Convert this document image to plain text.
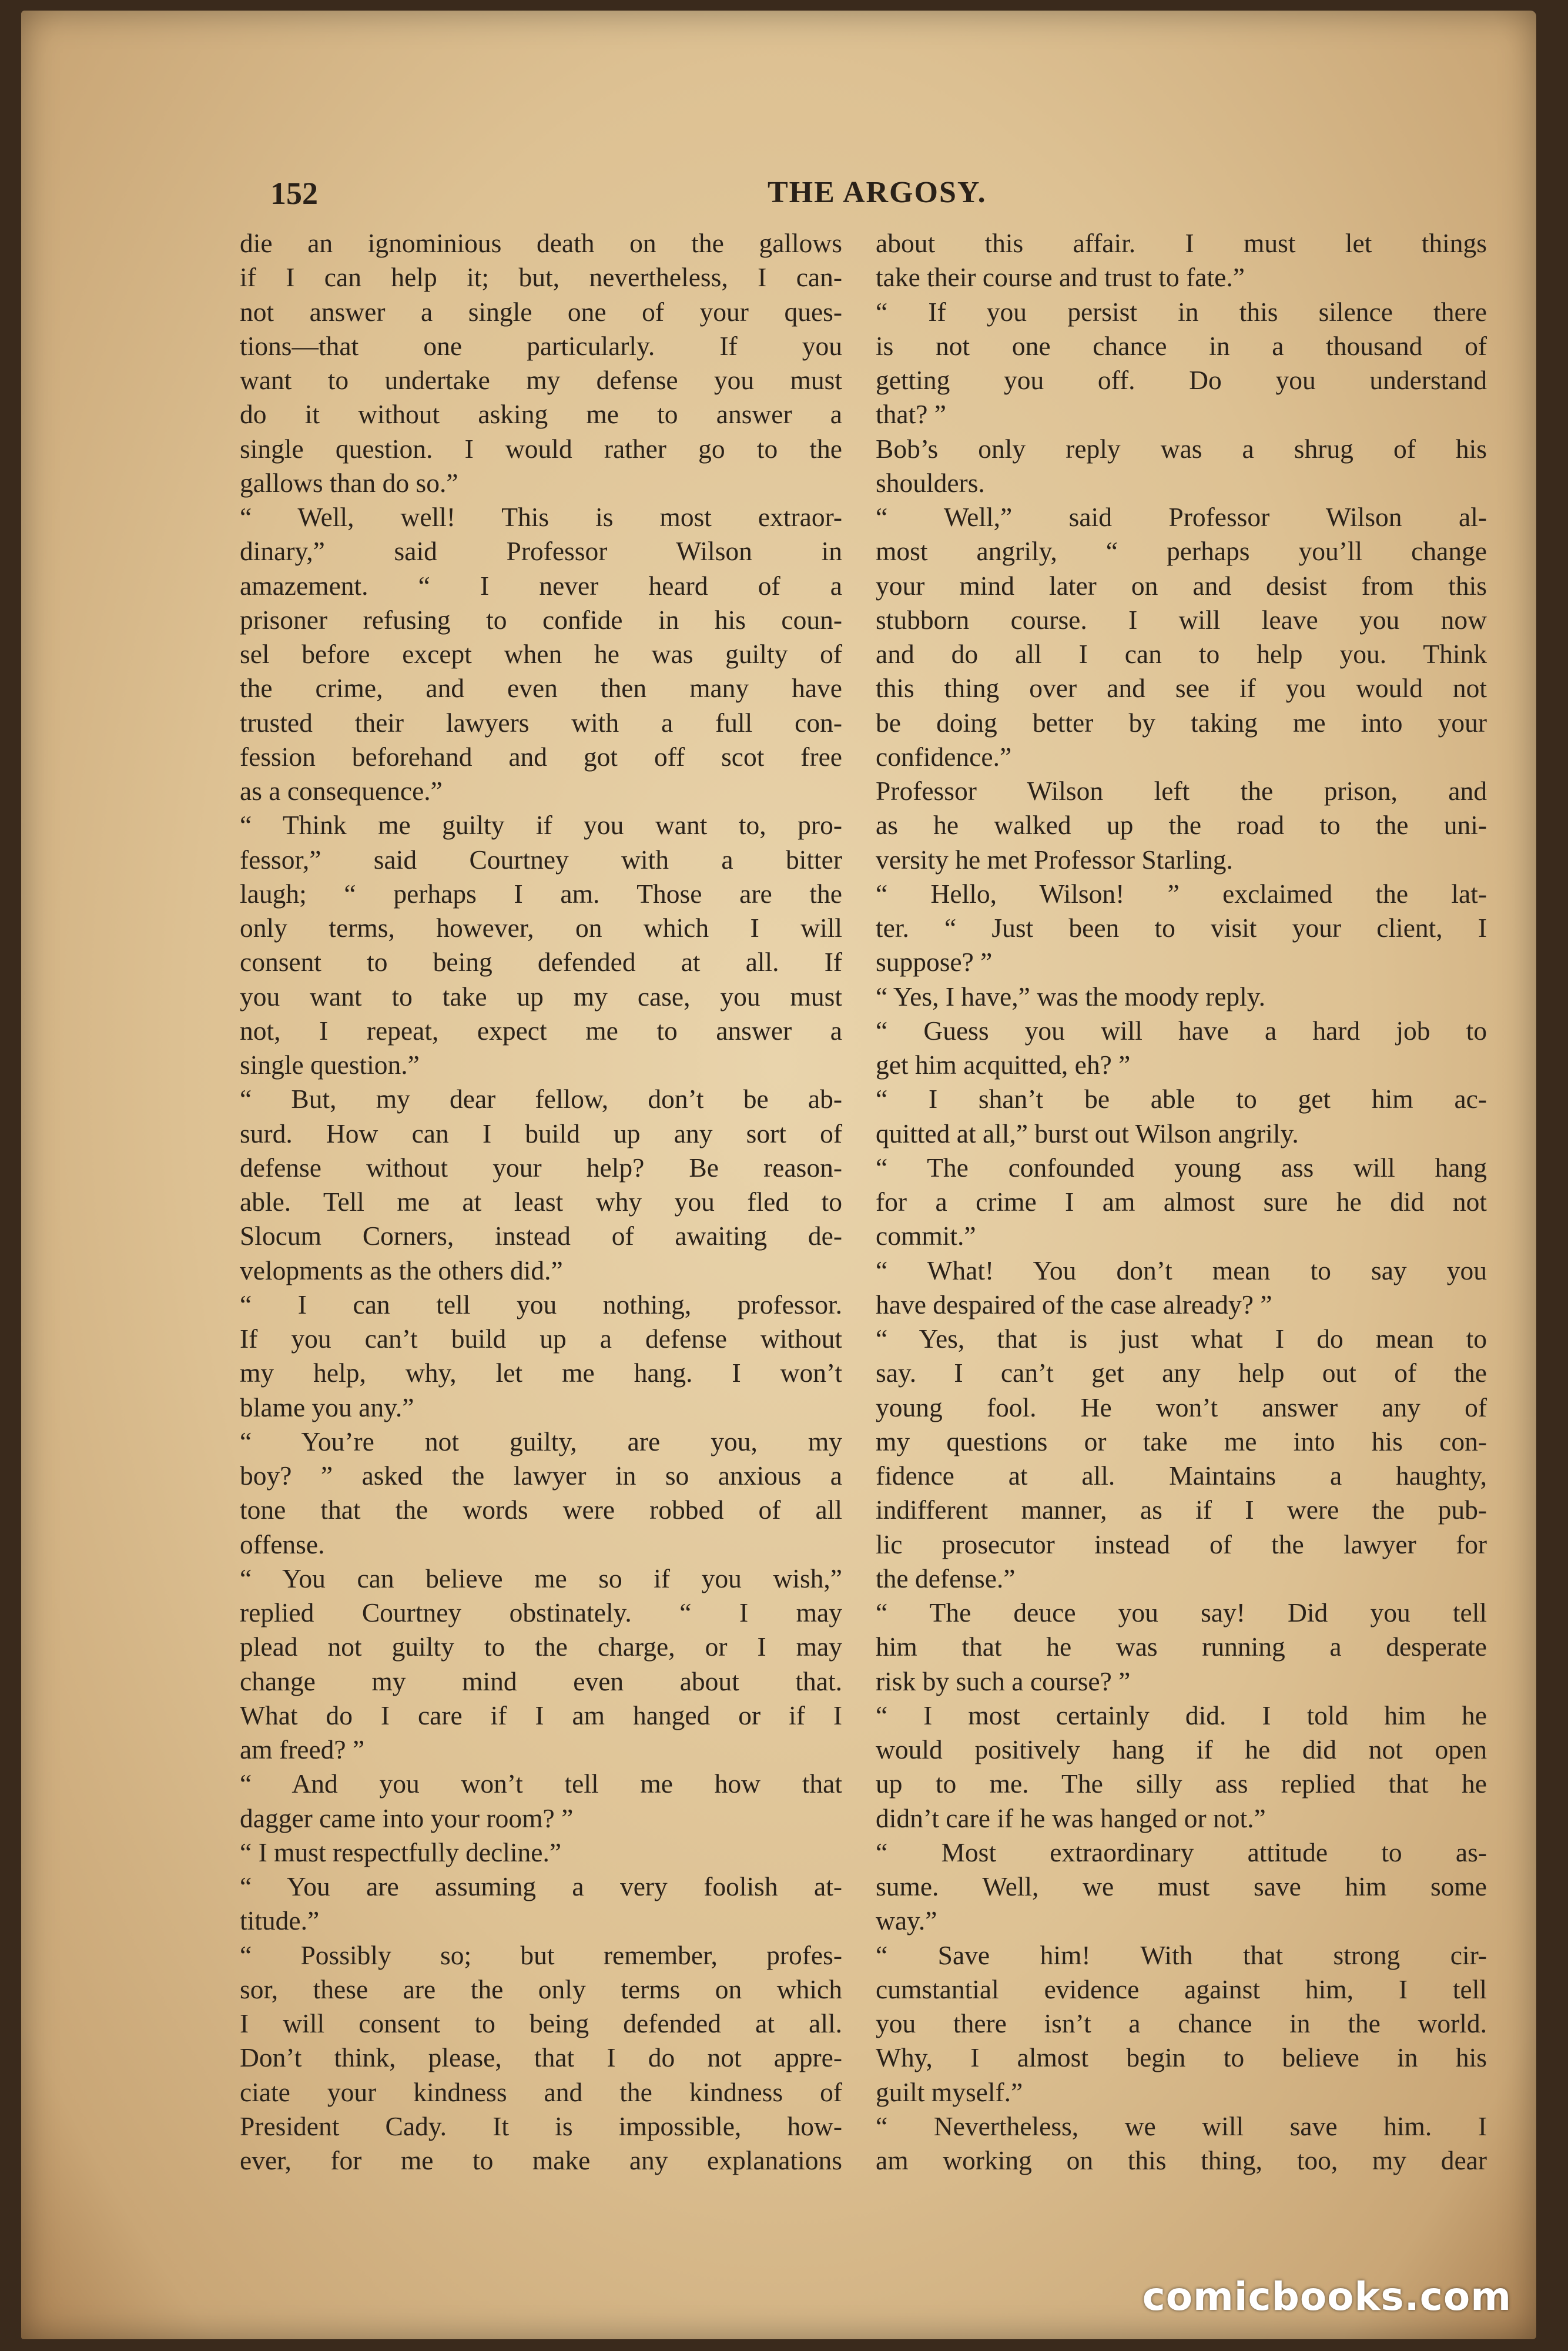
152	THE ARGOSY.
die an ignominious death on the gallows
if I can help it; but, nevertheless, I can-
not answer a single one of your ques-
tions—that one particularly. If you
want to undertake my defense you must
do it without asking me to answer a
single question. I would rather go to the
gallows than do so.”
“ Well, well! This is most extraor-
dinary,” said Professor Wilson in
amazement. “ I never heard of a
prisoner refusing to confide in his coun-
sel before except when he was guilty of
the crime, and even then many have
trusted their lawyers with a full con-
fession beforehand and got off scot free
as a consequence.”
“ Think me guilty if you want to, pro-
fessor,” said Courtney with a bitter
laugh; “ perhaps I am. Those are the
only terms, however, on which I will
consent to being defended at all. If
you want to take up my case, you must
not, I repeat, expect me to answer a
single question.”
“ But, my dear fellow, don’t be ab-
surd. How can I build up any sort of
defense without your help? Be reason-
able. Tell me at least why you fled to
Slocum Corners, instead of awaiting de-
velopments as the others did.”
“ I can tell you nothing, professor.
If you can’t build up a defense without
my help, why, let me hang. I won’t
blame you any.”
“ You’re not guilty, are you, my
boy? ” asked the lawyer in so anxious a
tone that the words were robbed of all
offense.
“ You can believe me so if you wish,”
replied Courtney obstinately. “ I may
plead not guilty to the charge, or I may
change my mind even about that.
What do I care if I am hanged or if I
am freed? ”
“ And you won’t tell me how that
dagger came into your room? ”
“ I must respectfully decline.”
“ You are assuming a very foolish at-
titude.”
“ Possibly so; but remember, profes-
sor, these are the only terms on which
I will consent to being defended at all.
Don’t think, please, that I do not appre-
ciate your kindness and the kindness of
President Cady. It is impossible, how-
ever, for me to make any explanations
about this affair. I must let things
take their course and trust to fate.”
“ If you persist in this silence there
is not one chance in a thousand of
getting you off. Do you understand
that? ”
Bob’s only reply was a shrug of his
shoulders.
“ Well,” said Professor Wilson al-
most angrily, “ perhaps you’ll change
your mind later on and desist from this
stubborn course. I will leave you now
and do all I can to help you. Think
this thing over and see if you would not
be doing better by taking me into your
confidence.”
Professor Wilson left the prison, and
as he walked up the road to the uni-
versity he met Professor Starling.
“ Hello, Wilson! ” exclaimed the lat-
ter. “ Just been to visit your client, I
suppose? ”
“ Yes, I have,” was the moody reply.
“ Guess you will have a hard job to
get him acquitted, eh? ”
“ I shan’t be able to get him ac-
quitted at all,” burst out Wilson angrily.
“ The confounded young ass will hang
for a crime I am almost sure he did not
commit.”
“ What! You don’t mean to say you
have despaired of the case already? ”
“ Yes, that is just what I do mean to
say. I can’t get any help out of the
young fool. He won’t answer any of
my questions or take me into his con-
fidence at all. Maintains a haughty,
indifferent manner, as if I were the pub-
lic prosecutor instead of the lawyer for
the defense.”
“ The deuce you say! Did you tell
him that he was running a desperate
risk by such a course? ”
“ I most certainly did. I told him he
would positively hang if he did not open
up to me. The silly ass replied that he
didn’t care if he was hanged or not.”
“ Most extraordinary attitude to as-
sume. Well, we must save him some
way.”
“ Save him! With that strong cir-
cumstantial evidence against him, I tell
you there isn’t a chance in the world.
Why, I almost begin to believe in his
guilt myself.”
“ Nevertheless, we will save him. I
am working on this thing, too, my dear
comicbooks.com
